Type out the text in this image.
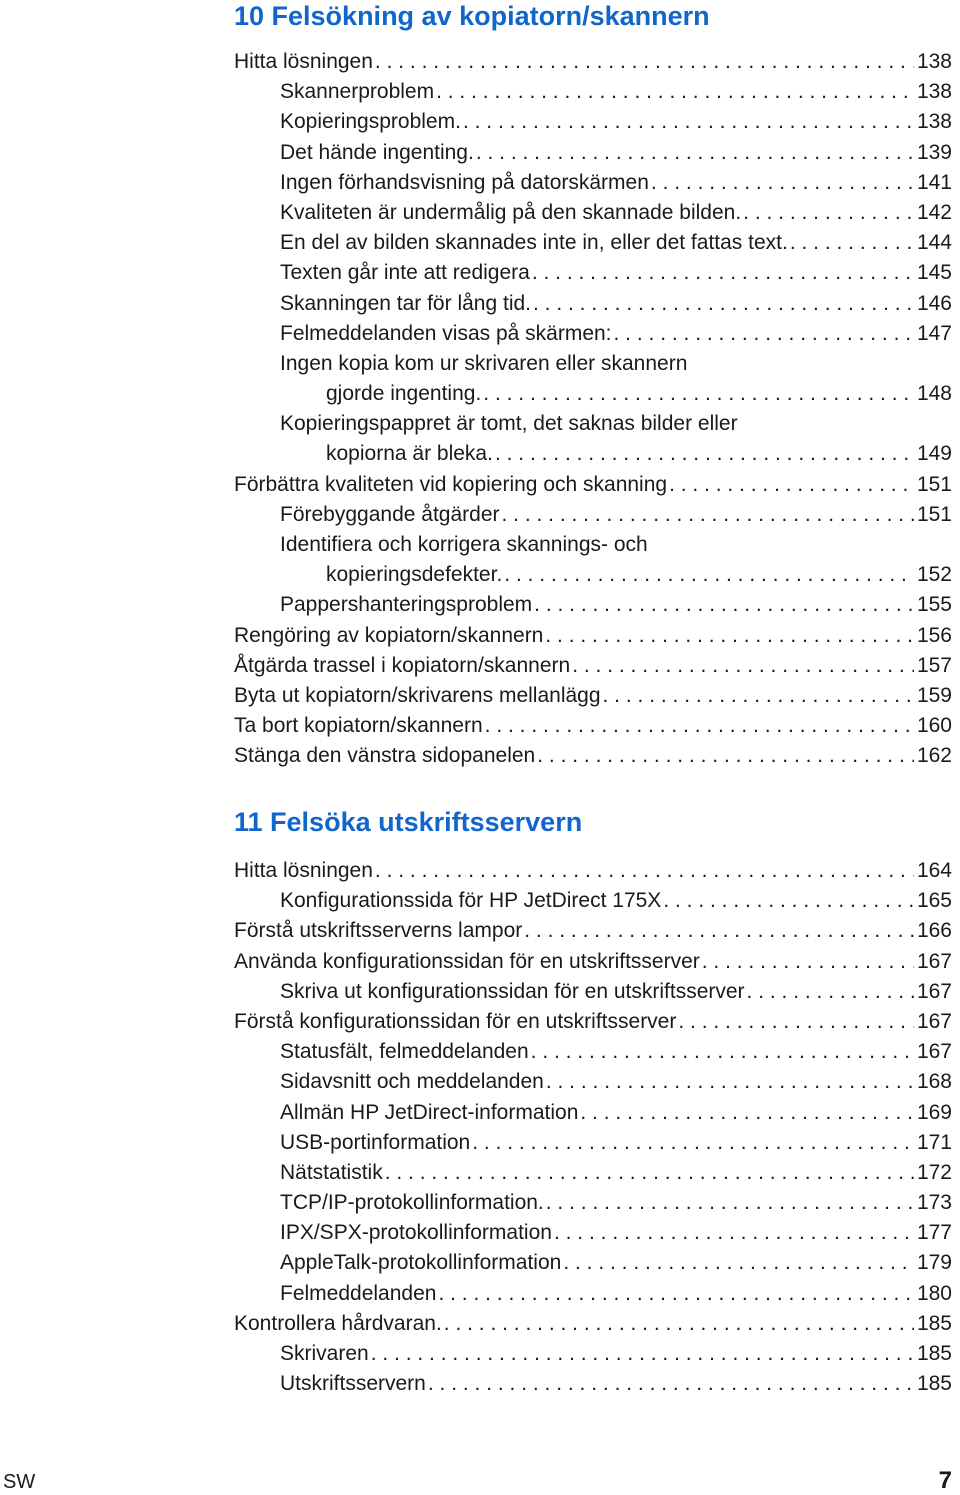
10 Felsökning av kopiatorn/skannern
Hitta lösningen . . .	138
Skannerproblem . . .	138
Kopieringsproblem. . . .	138
Det hände ingenting. . . .	139
Ingen förhandsvisning på datorskärmen . . .	141
Kvaliteten är undermålig på den skannade bilden. . . .	142
En del av bilden skannades inte in, eller det fattas text. . . .	144
Texten går inte att redigera . . .	145
Skanningen tar för lång tid. . . .	146
Felmeddelanden visas på skärmen: . . .	147
Ingen kopia kom ur skrivaren eller skannern
gjorde ingenting. . . .	148
Kopieringspappret är tomt, det saknas bilder eller
kopiorna är bleka. . . .	149
Förbättra kvaliteten vid kopiering och skanning . . .	151
Förebyggande åtgärder . . .	151
Identifiera och korrigera skannings- och
kopieringsdefekter. . . .	152
Pappershanteringsproblem . . .	155
Rengöring av kopiatorn/skannern . . .	156
Åtgärda trassel i kopiatorn/skannern . . .	157
Byta ut kopiatorn/skrivarens mellanlägg . . .	159
Ta bort kopiatorn/skannern . . .	160
Stänga den vänstra sidopanelen . . .	162
11 Felsöka utskriftsservern
Hitta lösningen . . .	164
Konfigurationssida för HP JetDirect 175X . . .	165
Förstå utskriftsserverns lampor . . .	166
Använda konfigurationssidan för en utskriftsserver . . .	167
Skriva ut konfigurationssidan för en utskriftsserver . . .	167
Förstå konfigurationssidan för en utskriftsserver . . .	167
Statusfält, felmeddelanden . . .	167
Sidavsnitt och meddelanden . . .	168
Allmän HP JetDirect-information . . .	169
USB-portinformation . . .	171
Nätstatistik . . .	172
TCP/IP-protokollinformation. . . .	173
IPX/SPX-protokollinformation . . .	177
AppleTalk-protokollinformation . . .	179
Felmeddelanden . . .	180
Kontrollera hårdvaran. . . .	185
Skrivaren . . .	185
Utskriftsservern . . .	185
SW	7
